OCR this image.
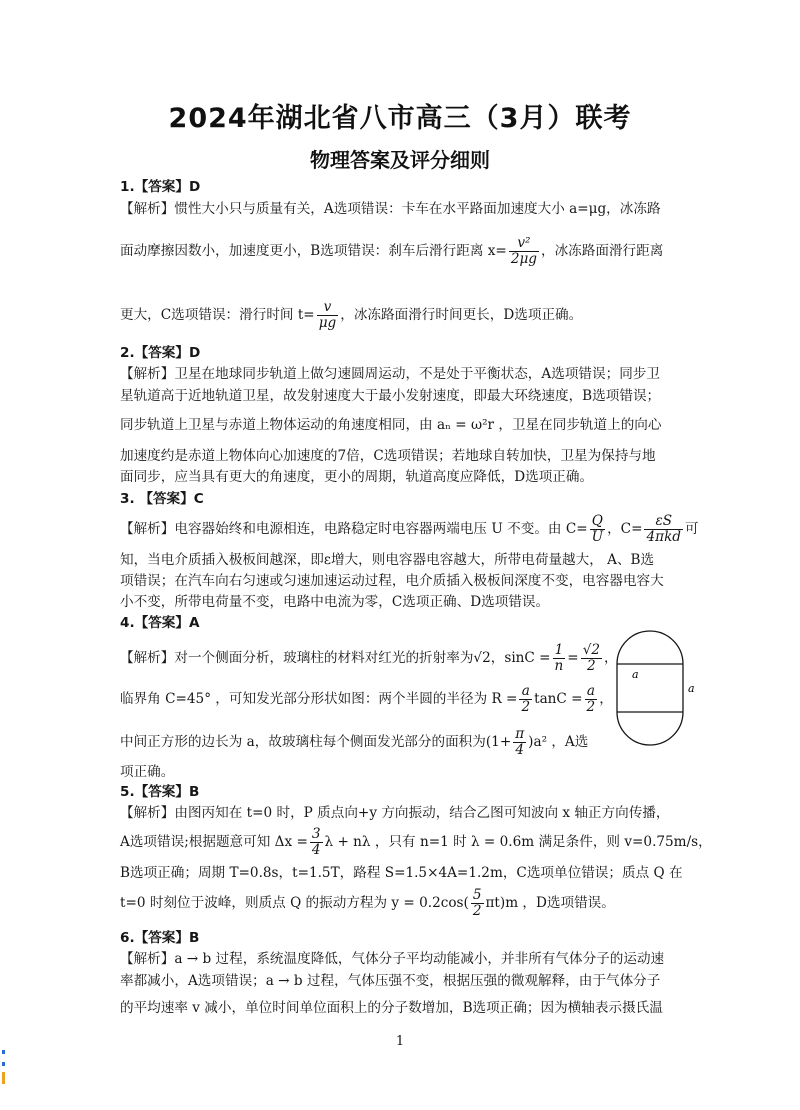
2024年湖北省八市高三（3月）联考
物理答案及评分细则
1.【答案】D
【解析】惯性大小只与质量有关，A选项错误：卡车在水平路面加速度大小 a=μg，冰冻路
面动摩擦因数小，加速度更小，B选项错误：刹车后滑行距离 $x= \frac{\text{v²}}{2\mu g}$ ，冰冻路面滑行距离
更大，C选项错误：滑行时间 $t= \frac{v}{\mu g}$ ，冰冻路面滑行时间更长，D选项正确。
2.【答案】D
【解析】卫星在地球同步轨道上做匀速圆周运动，不是处于平衡状态，A选项错误；同步卫
星轨道高于近地轨道卫星，故发射速度大于最小发射速度，即最大环绕速度，B选项错误；
同步轨道上卫星与赤道上物体运动的角速度相同，由 aₙ = ω²r ，卫星在同步轨道上的向心
加速度约是赤道上物体向心加速度的7倍，C选项错误；若地球自转加快，卫星为保持与地
面同步，应当具有更大的角速度，更小的周期，轨道高度应降低，D选项正确。
3. 【答案】C
【解析】电容器始终和电源相连，电路稳定时电容器两端电压 U 不变。由 $C= \frac{Q}{U}$ ，$C= \frac{\varepsilon S}{\text{4πkd}}$ 可
知，当电介质插入极板间越深，即ε增大，则电容器电容越大，所带电荷量越大， A、B选
项错误；在汽车向右匀速或匀速加速运动过程，电介质插入极板间深度不变，电容器电容大
小不变，所带电荷量不变，电路中电流为零，C选项正确、D选项错误。
4.【答案】A
【解析】对一个侧面分析，玻璃柱的材料对红光的折射率为√2，$\sin C = \frac{1}{n} = \frac{√2}{2}$ ，
临界角 C=45° ，可知发光部分形状如图：两个半圆的半径为 $R = \frac{a}{2}$ $\tan C = \frac{a}{2}$ ，
中间正方形的边长为 a，故玻璃柱每个侧面发光部分的面积为$(1+ \frac{\pi}{4} )a^2$ ，A选
项正确。
a
a
5.【答案】B
【解析】由图丙知在 t=0 时，P 质点向+y 方向振动，结合乙图可知波向 x 轴正方向传播，
A选项错误;根据题意可知 $\Delta x = \frac{3}{4}$ λ + nλ ，只有 n=1 时 λ = 0.6m 满足条件，则 v=0.75m/s，
B选项正确；周期 T=0.8s，t=1.5T，路程 S=1.5×4A=1.2m，C选项单位错误；质点 Q 在
t=0 时刻位于波峰，则质点 Q 的振动方程为 $y = 0.2\cos( \frac{5}{2} \pi t)m$ ，D选项错误。
6.【答案】B
【解析】a → b 过程，系统温度降低，气体分子平均动能减小，并非所有气体分子的运动速
率都减小，A选项错误；a → b 过程，气体压强不变，根据压强的微观解释，由于气体分子
的平均速率 v 减小，单位时间单位面积上的分子数增加，B选项正确；因为横轴表示摄氏温
1
